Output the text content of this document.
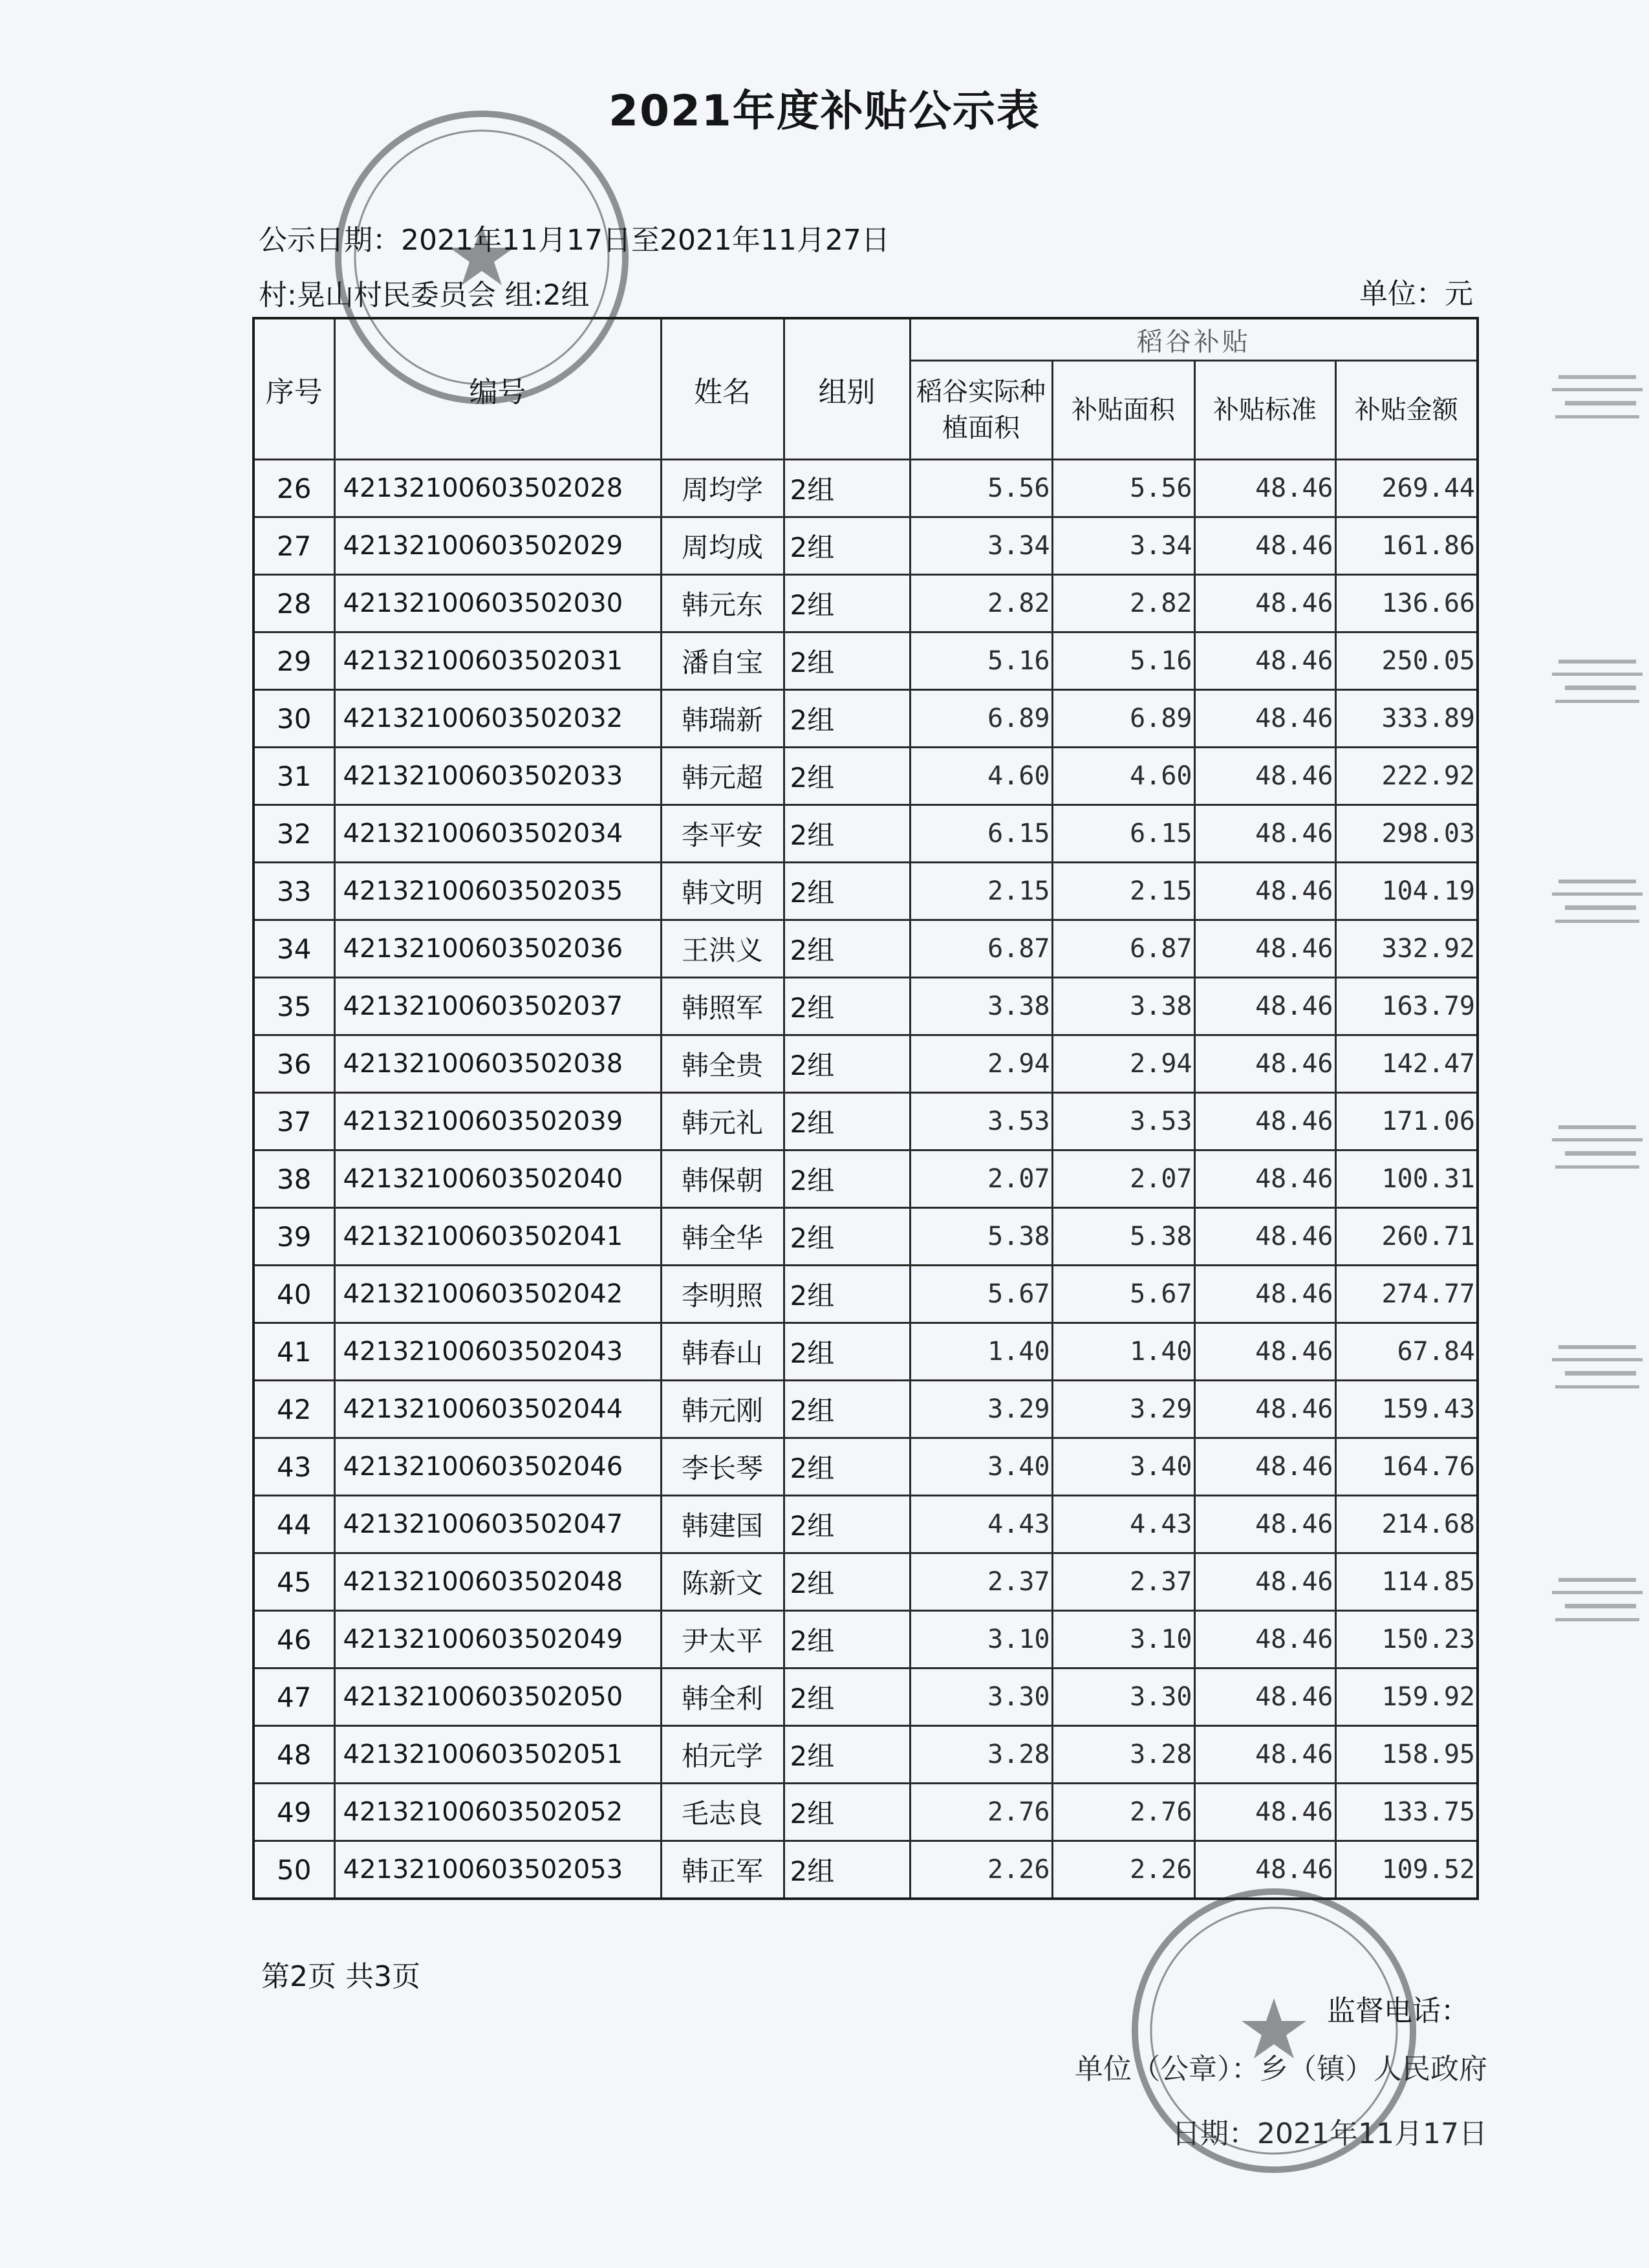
2021年度补贴公示表
公示日期：2021年11月17日至2021年11月27日
村:晃山村民委员会 组:2组	单位：元
序号	编号	姓名	组别	稻谷补贴			
				稻谷实际种植面积	补贴面积	补贴标准	补贴金额
26	42132100603502028	周均学	2组	5.56	5.56	48.46	269.44
27	42132100603502029	周均成	2组	3.34	3.34	48.46	161.86
28	42132100603502030	韩元东	2组	2.82	2.82	48.46	136.66
29	42132100603502031	潘自宝	2组	5.16	5.16	48.46	250.05
30	42132100603502032	韩瑞新	2组	6.89	6.89	48.46	333.89
31	42132100603502033	韩元超	2组	4.60	4.60	48.46	222.92
32	42132100603502034	李平安	2组	6.15	6.15	48.46	298.03
33	42132100603502035	韩文明	2组	2.15	2.15	48.46	104.19
34	42132100603502036	王洪义	2组	6.87	6.87	48.46	332.92
35	42132100603502037	韩照军	2组	3.38	3.38	48.46	163.79
36	42132100603502038	韩全贵	2组	2.94	2.94	48.46	142.47
37	42132100603502039	韩元礼	2组	3.53	3.53	48.46	171.06
38	42132100603502040	韩保朝	2组	2.07	2.07	48.46	100.31
39	42132100603502041	韩全华	2组	5.38	5.38	48.46	260.71
40	42132100603502042	李明照	2组	5.67	5.67	48.46	274.77
41	42132100603502043	韩春山	2组	1.40	1.40	48.46	67.84
42	42132100603502044	韩元刚	2组	3.29	3.29	48.46	159.43
43	42132100603502046	李长琴	2组	3.40	3.40	48.46	164.76
44	42132100603502047	韩建国	2组	4.43	4.43	48.46	214.68
45	42132100603502048	陈新文	2组	2.37	2.37	48.46	114.85
46	42132100603502049	尹太平	2组	3.10	3.10	48.46	150.23
47	42132100603502050	韩全利	2组	3.30	3.30	48.46	159.92
48	42132100603502051	柏元学	2组	3.28	3.28	48.46	158.95
49	42132100603502052	毛志良	2组	2.76	2.76	48.46	133.75
50	42132100603502053	韩正军	2组	2.26	2.26	48.46	109.52
第2页 共3页
监督电话：
单位（公章）：乡（镇）人民政府
日期：2021年11月17日
